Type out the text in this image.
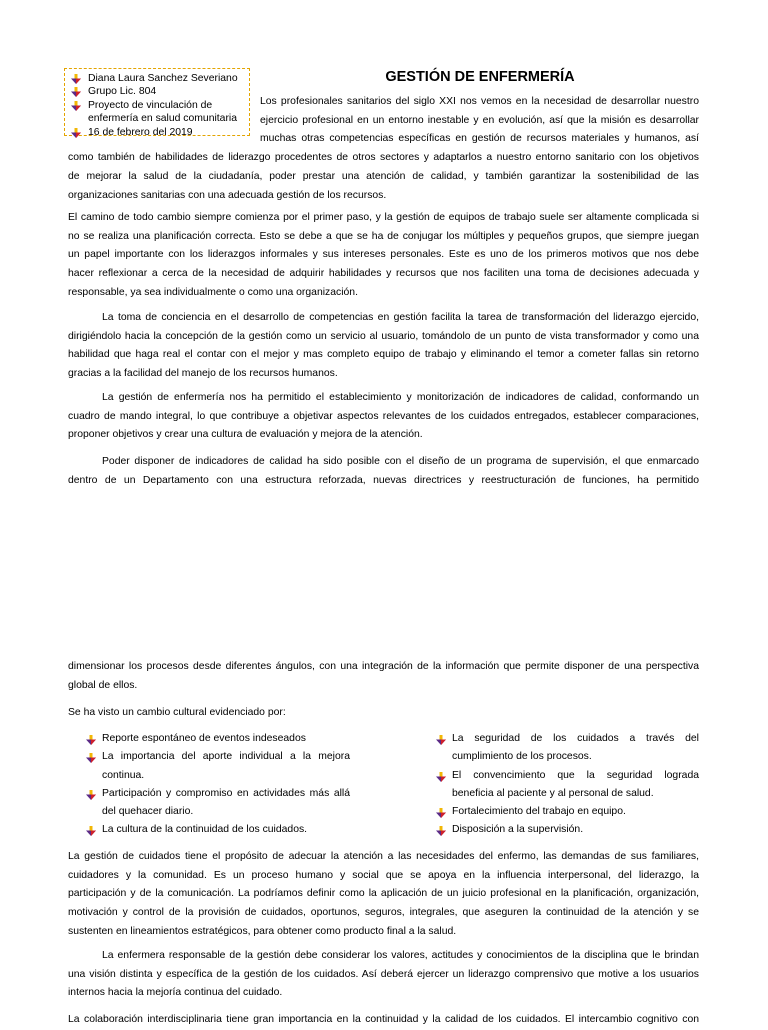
Diana Laura Sanchez Severiano
Grupo Lic. 804
Proyecto de vinculación de
enfermería en salud comunitaria
16 de febrero del 2019
GESTIÓN DE ENFERMERÍA
Los profesionales sanitarios del siglo XXI nos vemos en la necesidad de desarrollar nuestro
ejercicio profesional en un entorno inestable y en evolución, así que la misión es desarrollar
muchas otras competencias específicas en gestión de recursos materiales y humanos, así
como también de habilidades de liderazgo procedentes de otros sectores y adaptarlos a nuestro entorno sanitario con los objetivos
de mejorar la salud de la ciudadanía, poder prestar una atención de calidad, y también garantizar la sostenibilidad de las
organizaciones sanitarias con una adecuada gestión de los recursos.
El camino de todo cambio siempre comienza por el primer paso, y la gestión de equipos de trabajo suele ser altamente complicada si
no se realiza una planificación correcta. Esto se debe a que se ha de conjugar los múltiples y pequeños grupos, que siempre juegan
un papel importante con los liderazgos informales y sus intereses personales. Este es uno de los primeros motivos que nos debe
hacer reflexionar a cerca de la necesidad de adquirir habilidades y recursos que nos faciliten una toma de decisiones adecuada y
responsable, ya sea individualmente o como una organización.
La toma de conciencia en el desarrollo de competencias en gestión facilita la tarea de transformación del liderazgo ejercido,
dirigiéndolo hacia la concepción de la gestión como un servicio al usuario, tomándolo de un punto de vista transformador y como una
habilidad que haga real el contar con el mejor y mas completo equipo de trabajo y eliminando el temor a cometer fallas sin retorno
gracias a la facilidad del manejo de los recursos humanos.
La gestión de enfermería nos ha permitido el establecimiento y monitorización de indicadores de calidad, conformando un
cuadro de mando integral, lo que contribuye a objetivar aspectos relevantes de los cuidados entregados, establecer comparaciones,
proponer objetivos y crear una cultura de evaluación y mejora de la atención.
Poder disponer de indicadores de calidad ha sido posible con el diseño de un programa de supervisión, el que enmarcado
dentro de un Departamento con una estructura reforzada, nuevas directrices y reestructuración de funciones, ha permitido
dimensionar los procesos desde diferentes ángulos, con una integración de la información que permite disponer de una perspectiva
global de ellos.
Se ha visto un cambio cultural evidenciado por:
Reporte espontáneo de eventos indeseados
La importancia del aporte individual a la mejora
continua.
Participación y compromiso en actividades más allá
del quehacer diario.
La cultura de la continuidad de los cuidados.
La seguridad de los cuidados a través del
cumplimiento de los procesos.
El convencimiento que la seguridad lograda
beneficia al paciente y al personal de salud.
Fortalecimiento del trabajo en equipo.
Disposición a la supervisión.
La gestión de cuidados tiene el propósito de adecuar la atención a las necesidades del enfermo, las demandas de sus familiares,
cuidadores y la comunidad. Es un proceso humano y social que se apoya en la influencia interpersonal, del liderazgo, la
participación y de la comunicación. La podríamos definir como la aplicación de un juicio profesional en la planificación, organización,
motivación y control de la provisión de cuidados, oportunos, seguros, integrales, que aseguren la continuidad de la atención y se
sustenten en lineamientos estratégicos, para obtener como producto final a la salud.
La enfermera responsable de la gestión debe considerar los valores, actitudes y conocimientos de la disciplina que le brindan
una visión distinta y específica de la gestión de los cuidados. Así deberá ejercer un liderazgo comprensivo que motive a los usuarios
internos hacia la mejoría continua del cuidado.
La colaboración interdisciplinaria tiene gran importancia en la continuidad y la calidad de los cuidados. El intercambio cognitivo con
